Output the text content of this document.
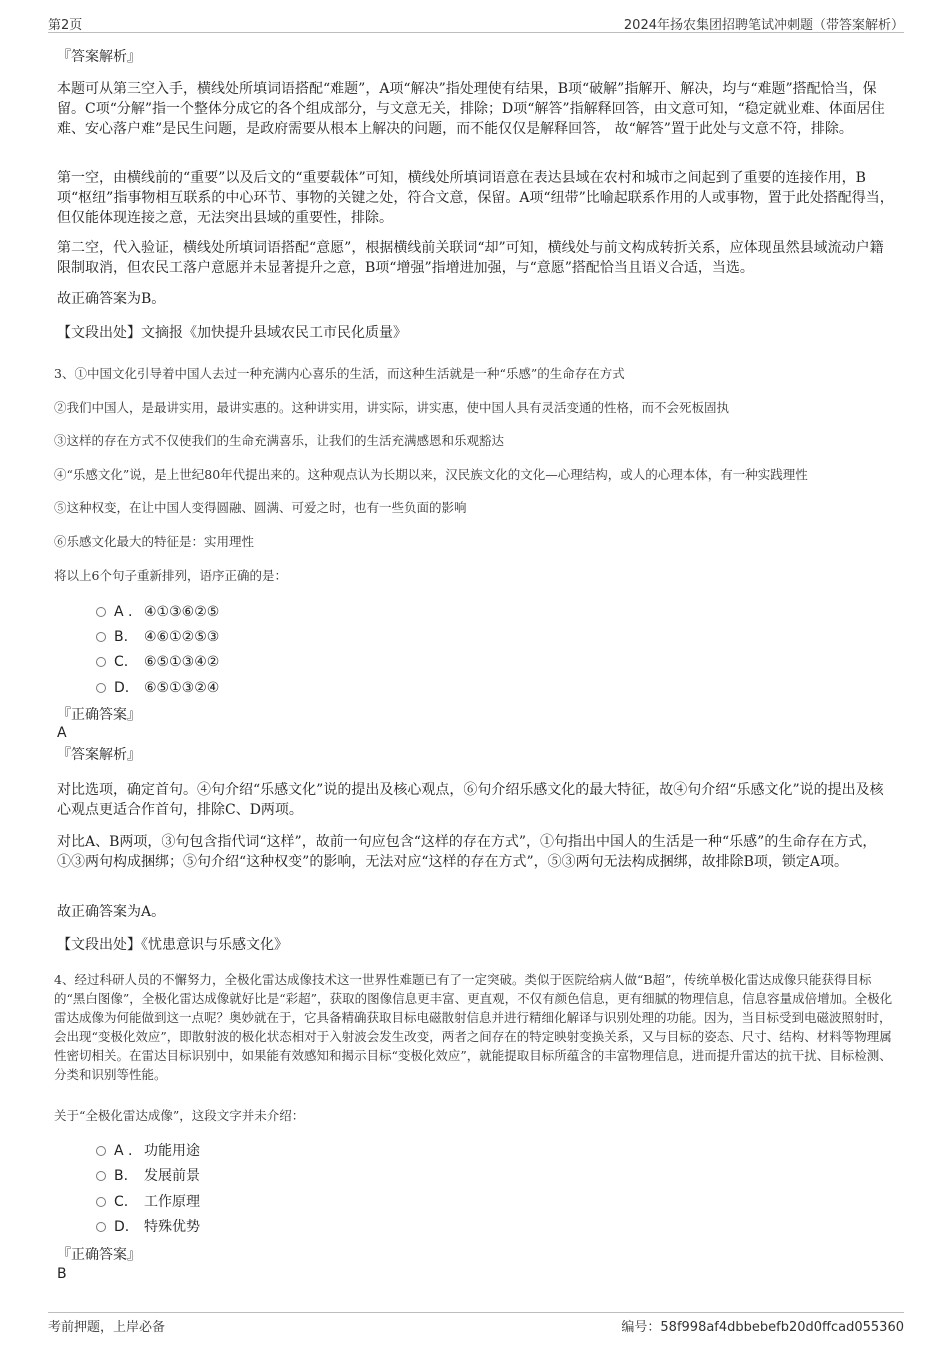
第2页	2024年扬农集团招聘笔试冲刺题（带答案解析）
『答案解析』

本题可从第三空入手，横线处所填词语搭配“难题”，A项“解决”指处理使有结果，B项“破解”指解开、解决，均与“难题”搭配恰当，保留。C项“分解”指一个整体分成它的各个组成部分，与文意无关，排除；D项“解答”指解释回答，由文意可知，“稳定就业难、体面居住难、安心落户难”是民生问题，是政府需要从根本上解决的问题，而不能仅仅是解释回答， 故“解答”置于此处与文意不符，排除。

第一空，由横线前的“重要”以及后文的“重要载体”可知，横线处所填词语意在表达县域在农村和城市之间起到了重要的连接作用，B项“枢纽”指事物相互联系的中心环节、事物的关键之处，符合文意，保留。A项“纽带”比喻起联系作用的人或事物，置于此处搭配得当，但仅能体现连接之意，无法突出县域的重要性，排除。

第二空，代入验证，横线处所填词语搭配“意愿”，根据横线前关联词“却”可知，横线处与前文构成转折关系，应体现虽然县域流动户籍限制取消，但农民工落户意愿并未显著提升之意，B项“增强”指增进加强，与“意愿”搭配恰当且语义合适，当选。

故正确答案为B。

【文段出处】文摘报《加快提升县域农民工市民化质量》

3、①中国文化引导着中国人去过一种充满内心喜乐的生活，而这种生活就是一种“乐感”的生命存在方式

②我们中国人，是最讲实用，最讲实惠的。这种讲实用，讲实际，讲实惠，使中国人具有灵活变通的性格，而不会死板固执

③这样的存在方式不仅使我们的生命充满喜乐，让我们的生活充满感恩和乐观豁达

④“乐感文化”说，是上世纪80年代提出来的。这种观点认为长期以来，汉民族文化的文化—心理结构，或人的心理本体，有一种实践理性

⑤这种权变，在让中国人变得圆融、圆满、可爱之时，也有一些负面的影响

⑥乐感文化最大的特征是：实用理性

将以上6个句子重新排列，语序正确的是：

A . ④①③⑥②⑤
B. ④⑥①②⑤③
C. ⑥⑤①③④②
D. ⑥⑤①③②④
『正确答案』
A
『答案解析』

对比选项，确定首句。④句介绍“乐感文化”说的提出及核心观点，⑥句介绍乐感文化的最大特征，故④句介绍“乐感文化”说的提出及核心观点更适合作首句，排除C、D两项。

对比A、B两项，③句包含指代词“这样”，故前一句应包含“这样的存在方式”，①句指出中国人的生活是一种“乐感”的生命存在方式，①③两句构成捆绑；⑤句介绍“这种权变”的影响，无法对应“这样的存在方式”，⑤③两句无法构成捆绑，故排除B项，锁定A项。

故正确答案为A。

【文段出处】《忧患意识与乐感文化》

4、经过科研人员的不懈努力，全极化雷达成像技术这一世界性难题已有了一定突破。类似于医院给病人做“B超”，传统单极化雷达成像只能获得目标的“黑白图像”，全极化雷达成像就好比是“彩超”，获取的图像信息更丰富、更直观，不仅有颜色信息，更有细腻的物理信息，信息容量成倍增加。全极化雷达成像为何能做到这一点呢？奥妙就在于，它具备精确获取目标电磁散射信息并进行精细化解译与识别处理的功能。因为，当目标受到电磁波照射时，会出现“变极化效应”，即散射波的极化状态相对于入射波会发生改变，两者之间存在的特定映射变换关系，又与目标的姿态、尺寸、结构、材料等物理属性密切相关。在雷达目标识别中，如果能有效感知和揭示目标“变极化效应”，就能提取目标所蕴含的丰富物理信息，进而提升雷达的抗干扰、目标检测、分类和识别等性能。

关于“全极化雷达成像”，这段文字并未介绍：

A . 功能用途
B. 发展前景
C. 工作原理
D. 特殊优势
『正确答案』
B
考前押题，上岸必备	编号：58f998af4dbbebefb20d0ffcad055360
